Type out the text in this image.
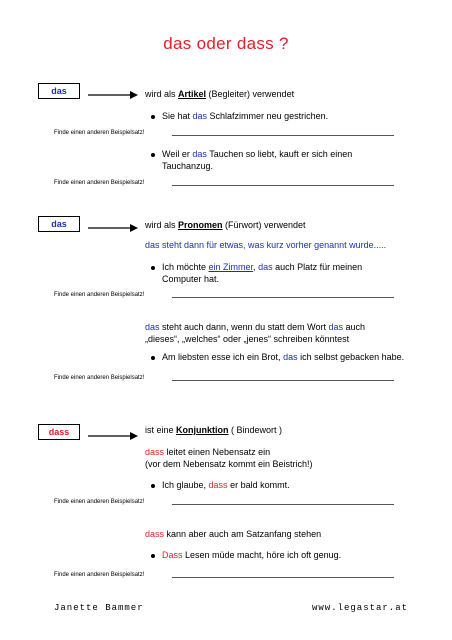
das oder dass ?
das	wird als Artikel (Begleiter) verwendet
Sie hat das Schlafzimmer neu gestrichen.
Finde einen anderen Beispielsatz!
Weil er das Tauchen so liebt, kauft er sich einen
Tauchanzug.
Finde einen anderen Beispielsatz!
das	wird als Pronomen (Fürwort) verwendet
das steht dann für etwas, was kurz vorher genannt wurde.....
Ich möchte ein Zimmer, das auch Platz für meinen
Computer hat.
Finde einen anderen Beispielsatz!
das steht auch dann, wenn du statt dem Wort das auch
„dieses“, „welches“ oder „jenes“ schreiben könntest
Am liebsten esse ich ein Brot, das ich selbst gebacken habe.
Finde einen anderen Beispielsatz!
dass	ist eine Konjunktion ( Bindewort )
dass leitet einen Nebensatz ein
(vor dem Nebensatz kommt ein Beistrich!)
Ich glaube, dass er bald kommt.
Finde einen anderen Beispielsatz!
dass kann aber auch am Satzanfang stehen
Dass Lesen müde macht, höre ich oft genug.
Finde einen anderen Beispielsatz!
Janette Bammer	www.legastar.at
